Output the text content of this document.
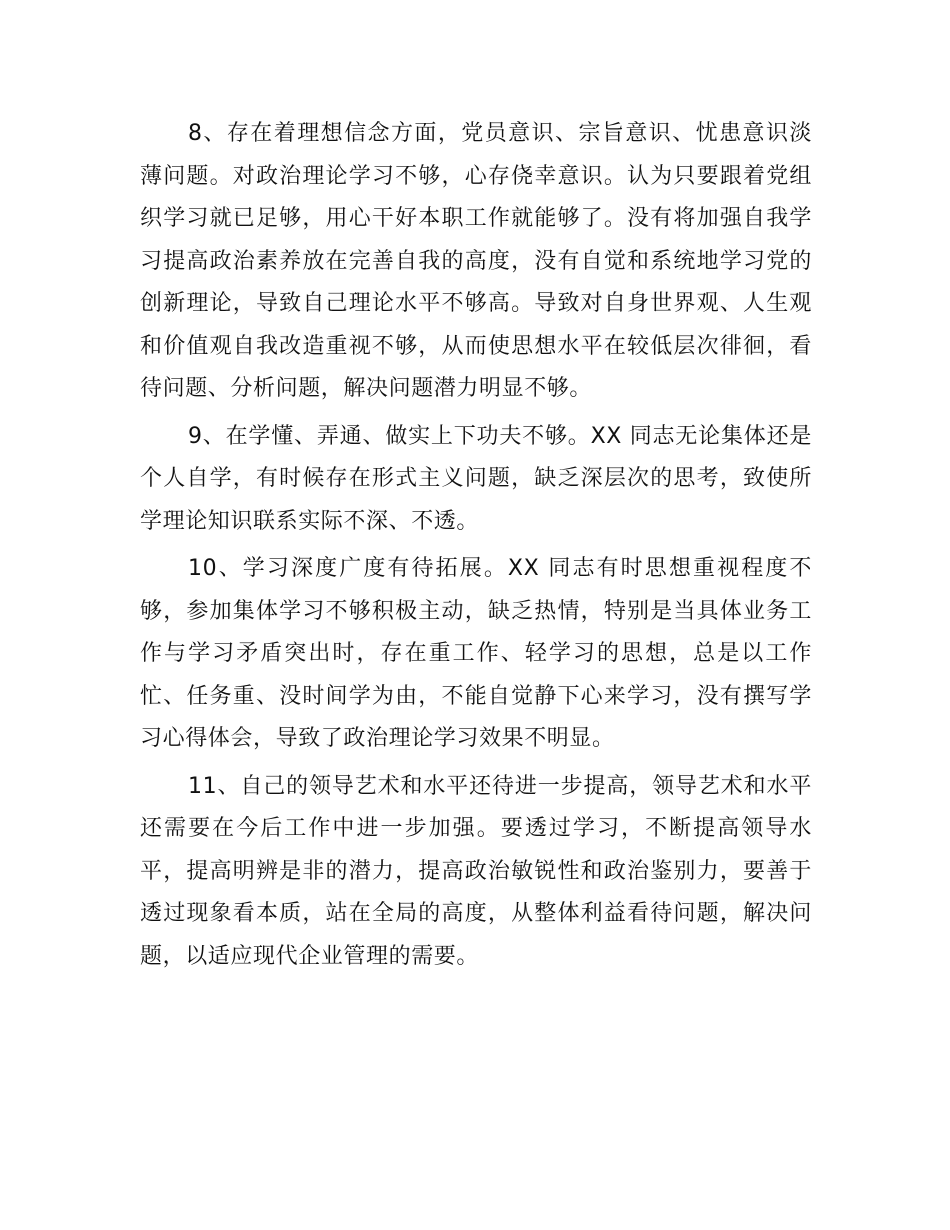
8、存在着理想信念方面，党员意识、宗旨意识、忧患意识淡薄问题。对政治理论学习不够，心存侥幸意识。认为只要跟着党组织学习就已足够，用心干好本职工作就能够了。没有将加强自我学习提高政治素养放在完善自我的高度，没有自觉和系统地学习党的创新理论，导致自己理论水平不够高。导致对自身世界观、人生观和价值观自我改造重视不够，从而使思想水平在较低层次徘徊，看待问题、分析问题，解决问题潜力明显不够。

9、在学懂、弄通、做实上下功夫不够。XX 同志无论集体还是个人自学，有时候存在形式主义问题，缺乏深层次的思考，致使所学理论知识联系实际不深、不透。

10、学习深度广度有待拓展。XX 同志有时思想重视程度不够，参加集体学习不够积极主动，缺乏热情，特别是当具体业务工作与学习矛盾突出时，存在重工作、轻学习的思想，总是以工作忙、任务重、没时间学为由，不能自觉静下心来学习，没有撰写学习心得体会，导致了政治理论学习效果不明显。

11、自己的领导艺术和水平还待进一步提高，领导艺术和水平还需要在今后工作中进一步加强。要透过学习，不断提高领导水平，提高明辨是非的潜力，提高政治敏锐性和政治鉴别力，要善于透过现象看本质，站在全局的高度，从整体利益看待问题，解决问题，以适应现代企业管理的需要。
